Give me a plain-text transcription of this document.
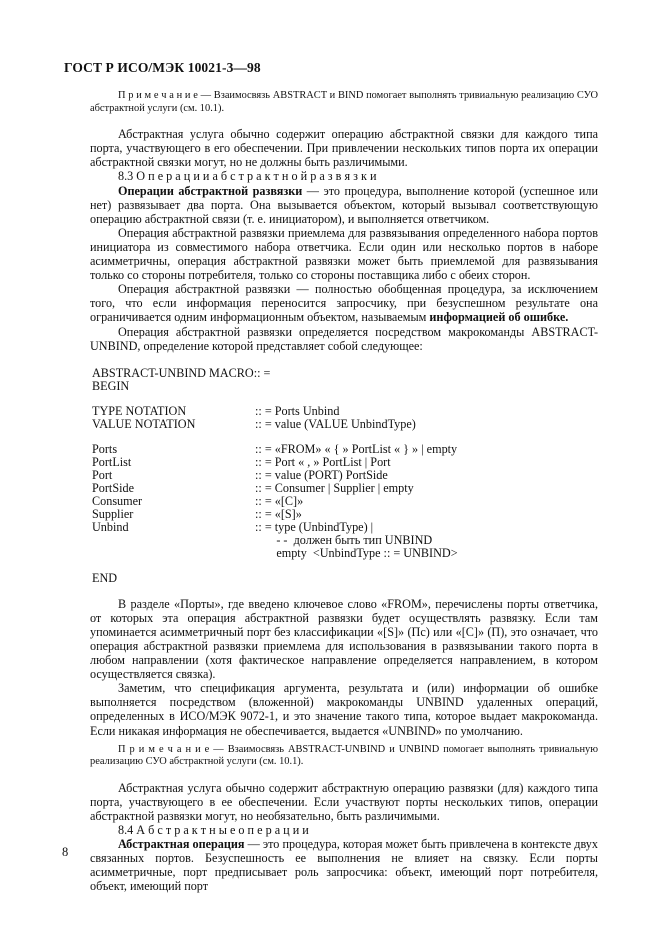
ГОСТ Р ИСО/МЭК 10021-3—98

П р и м е ч а н и е — Взаимосвязь ABSTRACT и BIND помогает выполнять тривиальную реализацию СУО абстрактной услуги (см. 10.1).

Абстрактная услуга обычно содержит операцию абстрактной связки для каждого типа порта, участвующего в его обеспечении. При привлечении нескольких типов порта их операции абстрактной связки могут, но не должны быть различимыми.

8.3 О п е р а ц и и а б с т р а к т н о й р а з в я з к и

Операции абстрактной развязки — это процедура, выполнение которой (успешное или нет) развязывает два порта. Она вызывается объектом, который вызывал соответствующую операцию абстрактной связи (т. е. инициатором), и выполняется ответчиком.

Операция абстрактной развязки приемлема для развязывания определенного набора портов инициатора из совместимого набора ответчика. Если один или несколько портов в наборе асимметричны, операция абстрактной развязки может быть приемлемой для развязывания только со стороны потребителя, только со стороны поставщика либо с обеих сторон.

Операция абстрактной развязки — полностью обобщенная процедура, за исключением того, что если информация переносится запросчику, при безуспешном результате она ограничивается одним информационным объектом, называемым информацией об ошибке.

Операция абстрактной развязки определяется посредством макрокоманды ABSTRACT-UNBIND, определение которой представляет собой следующее:

ABSTRACT-UNBIND MACRO :: =
BEGIN
TYPE NOTATION	:: = Ports Unbind
VALUE NOTATION	:: = value (VALUE UnbindType)
Ports	:: = «FROM» « { » PortList « } » | empty
PortList	:: = Port « , » PortList | Port
Port	:: = value (PORT) PortSide
PortSide	:: = Consumer | Supplier | empty
Consumer	:: = «[C]»
Supplier	:: = «[S]»
Unbind	:: = type (UnbindType) |
- -  должен быть тип UNBIND
empty  <UnbindType :: = UNBIND>
END

В разделе «Порты», где введено ключевое слово «FROM», перечислены порты ответчика, от которых эта операция абстрактной развязки будет осуществлять развязку. Если там упоминается асимметричный порт без классификации «[S]» (Пс) или «[C]» (П), это означает, что операция абстрактной развязки приемлема для использования в развязывании такого порта в любом направлении (хотя фактическое направление определяется направлением, в котором осуществляется связка).

Заметим, что спецификация аргумента, результата и (или) информации об ошибке выполняется посредством (вложенной) макрокоманды UNBIND удаленных операций, определенных в ИСО/МЭК 9072-1, и это значение такого типа, которое выдает макрокоманда. Если никакая информация не обеспечивается, выдается «UNBIND» по умолчанию.

П р и м е ч а н и е — Взаимосвязь ABSTRACT-UNBIND и UNBIND помогает выполнять тривиальную реализацию СУО абстрактной услуги (см. 10.1).

Абстрактная услуга обычно содержит абстрактную операцию развязки (для) каждого типа порта, участвующего в ее обеспечении. Если участвуют порты нескольких типов, операции абстрактной развязки могут, но необязательно, быть различимыми.

8.4 А б с т р а к т н ы е о п е р а ц и и

Абстрактная операция — это процедура, которая может быть привлечена в контексте двух связанных портов. Безуспешность ее выполнения не влияет на связку. Если порты асимметричные, порт предписывает роль запросчика: объект, имеющий порт потребителя, объект, имеющий порт

8
